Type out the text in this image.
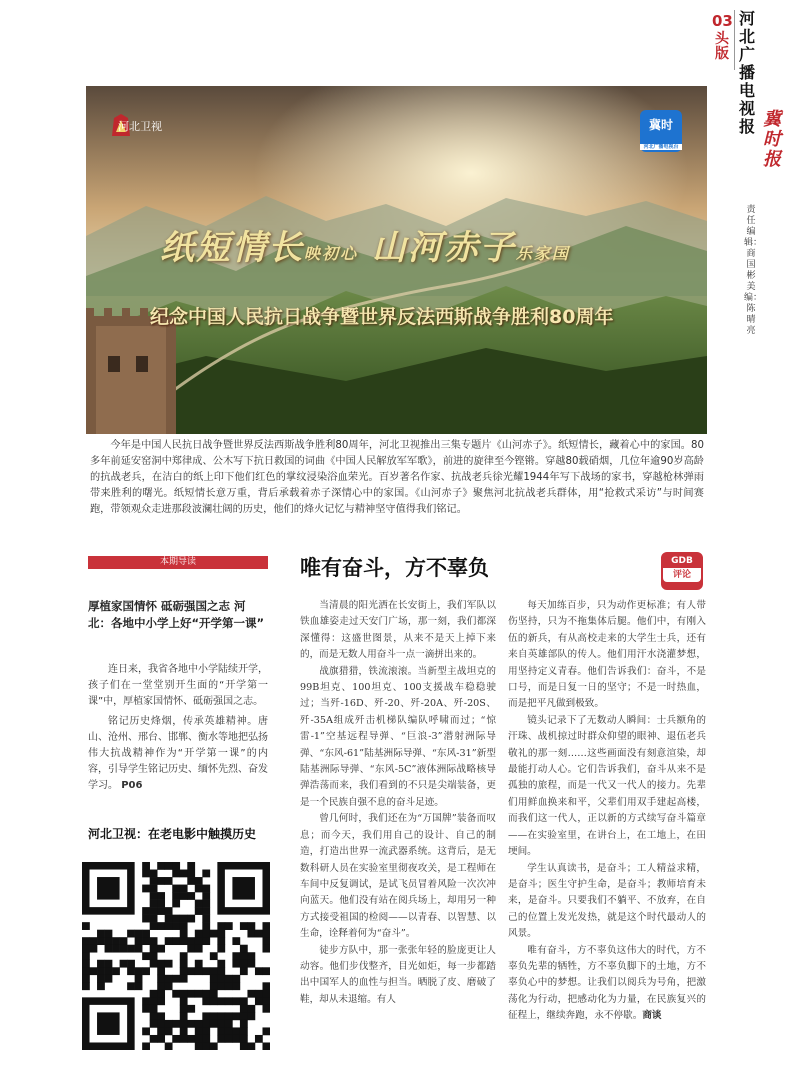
03
头版
河北广播电视报 冀时报
责任编辑：商国彬 美编：陈晴亮
河北卫视
河北广播电视台
冀时
纸短情长映初心 山河赤子乐家国
纪念中国人民抗日战争暨世界反法西斯战争胜利80周年
今年是中国人民抗日战争暨世界反法西斯战争胜利80周年，河北卫视推出三集专题片《山河赤子》。纸短情长，藏着心中的家国。80多年前延安窑洞中郑律成、公木写下抗日救国的词曲《中国人民解放军军歌》，前进的旋律至今铿锵。穿越80载硝烟，几位年逾90岁高龄的抗战老兵，在洁白的纸上印下他们红色的掌纹浸染浴血荣光。百岁著名作家、抗战老兵徐光耀1944年写下战场的家书，穿越枪林弹雨带来胜利的曙光。纸短情长意万重，背后承载着赤子深情心中的家国。《山河赤子》聚焦河北抗战老兵群体，用“抢救式采访”与时间赛跑，带领观众走进那段波澜壮阔的历史，他们的烽火记忆与精神坚守值得我们铭记。
本期导读
厚植家国情怀 砥砺强国之志 河北：各地中小学上好“开学第一课”

连日来，我省各地中小学陆续开学，孩子们在一堂堂别开生面的“开学第一课”中，厚植家国情怀、砥砺强国之志。

铭记历史烽烟，传承英雄精神。唐山、沧州、邢台、邯郸、衡水等地把弘扬伟大抗战精神作为“开学第一课”的内容，引导学生铭记历史、缅怀先烈、奋发学习。 P06

河北卫视：在老电影中触摸历史
唯有奋斗，方不辜负	GDB
评论

当清晨的阳光洒在长安街上，我们军队以铁血雄姿走过天安门广场，那一刻，我们都深深懂得：这盛世图景，从来不是天上掉下来的，而是无数人用奋斗一点一滴拼出来的。

战旗猎猎，铁流滚滚。当新型主战坦克的99B坦克、100坦克、100支援战车稳稳驶过；当歼-16D、歼-20、歼-20A、歼-20S、歼-35A组成歼击机梯队编队呼啸而过；“惊雷-1”空基远程导弹、“巨浪-3”潜射洲际导弹、“东风-61”陆基洲际导弹、“东风-31”新型陆基洲际导弹、“东风-5C”液体洲际战略核导弹浩荡而来，我们看到的不只是尖端装备，更是一个民族自强不息的奋斗足迹。

曾几何时，我们还在为“万国牌”装备而叹息；而今天，我们用自己的设计、自己的制造，打造出世界一流武器系统。这背后，是无数科研人员在实验室里彻夜攻关，是工程师在车间中反复调试，是试飞员冒着风险一次次冲向蓝天。他们没有站在阅兵场上，却用另一种方式接受祖国的检阅——以青春、以智慧、以生命，诠释着何为“奋斗”。

徒步方队中，那一张张年轻的脸庞更让人动容。他们步伐整齐，目光如炬，每一步都踏出中国军人的血性与担当。晒脱了皮、磨破了鞋，却从未退缩。有人

每天加练百步，只为动作更标准；有人带伤坚持，只为不拖集体后腿。他们中，有刚入伍的新兵，有从高校走来的大学生士兵，还有来自英雄部队的传人。他们用汗水浇灌梦想，用坚持定义青春。他们告诉我们：奋斗，不是口号，而是日复一日的坚守；不是一时热血，而是把平凡做到极致。

镜头记录下了无数动人瞬间：士兵额角的汗珠、战机掠过时群众仰望的眼神、退伍老兵敬礼的那一刻……这些画面没有刻意渲染，却最能打动人心。它们告诉我们，奋斗从来不是孤独的旅程，而是一代又一代人的接力。先辈们用鲜血换来和平，父辈们用双手建起高楼，而我们这一代人，正以新的方式续写奋斗篇章——在实验室里，在讲台上，在工地上，在田埂间。

学生认真读书，是奋斗；工人精益求精，是奋斗；医生守护生命，是奋斗；教师培育未来，是奋斗。只要我们不躺平、不放弃，在自己的位置上发光发热，就是这个时代最动人的风景。

唯有奋斗，方不辜负这伟大的时代，方不辜负先辈的牺牲，方不辜负脚下的土地，方不辜负心中的梦想。让我们以阅兵为号角，把激荡化为行动，把感动化为力量，在民族复兴的征程上，继续奔跑，永不停歇。商谈
